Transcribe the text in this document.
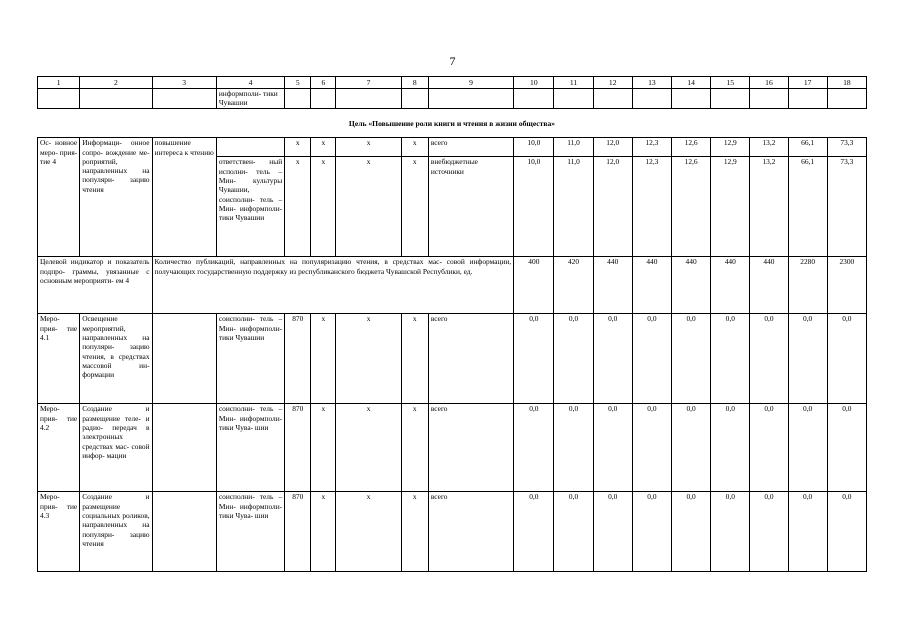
7
1	2	3	4	5	6	7	8	9	10	11	12	13	14	15	16	17	18
			информполи- тики Чувашии														
Цель «Повышение роли книги и чтения в жизни общества»																	
Ос- новное меро- прия- тие 4	Информаци- онное сопро- вождение ме- роприятий, направленных на популяри- зацию чтения	повышение интереса к чтению		x	x	x	x	всего	10,0	11,0	12,0	12,3	12,6	12,9	13,2	66,1	73,3
			ответствен- ный исполни- тель – Мин- культуры Чувашии, соисполни- тель – Мин- информполи- тики Чувашии	x	x	x	x	внебюджетные источники	10,0	11,0	12,0	12,3	12,6	12,9	13,2	66,1	73,3
Целевой индикатор и показатель подпро- граммы, увязанные с основным мероприяти- ем 4		Количество публикаций, направленных на популяризацию чтения, в средствах мас- совой информации, получающих государственную поддержку из республиканского бюджета Чувашской Республики, ед.							400	420	440	440	440	440	440	2280	2300
Меро- прия- тие 4.1	Освещение мероприятий, направленных на популяри- зацию чтения, в средствах массовой ин- формации		соисполни- тель – Мин- информполи- тики Чувашии	870	x	x	x	всего	0,0	0,0	0,0	0,0	0,0	0,0	0,0	0,0	0,0
Меро- прия- тие 4.2	Создание и размещение теле- и радио- передач в электронных средствах мас- совой инфор- мации		соисполни- тель – Мин- информполи- тики Чува- шии	870	x	x	x	всего	0,0	0,0	0,0	0,0	0,0	0,0	0,0	0,0	0,0
Меро- прия- тие 4.3	Создание и размещение социальных роликов, направленных на популяри- зацию чтения		соисполни- тель – Мин- информполи- тики Чува- шии	870	x	x	x	всего	0,0	0,0	0,0	0,0	0,0	0,0	0,0	0,0	0,0
